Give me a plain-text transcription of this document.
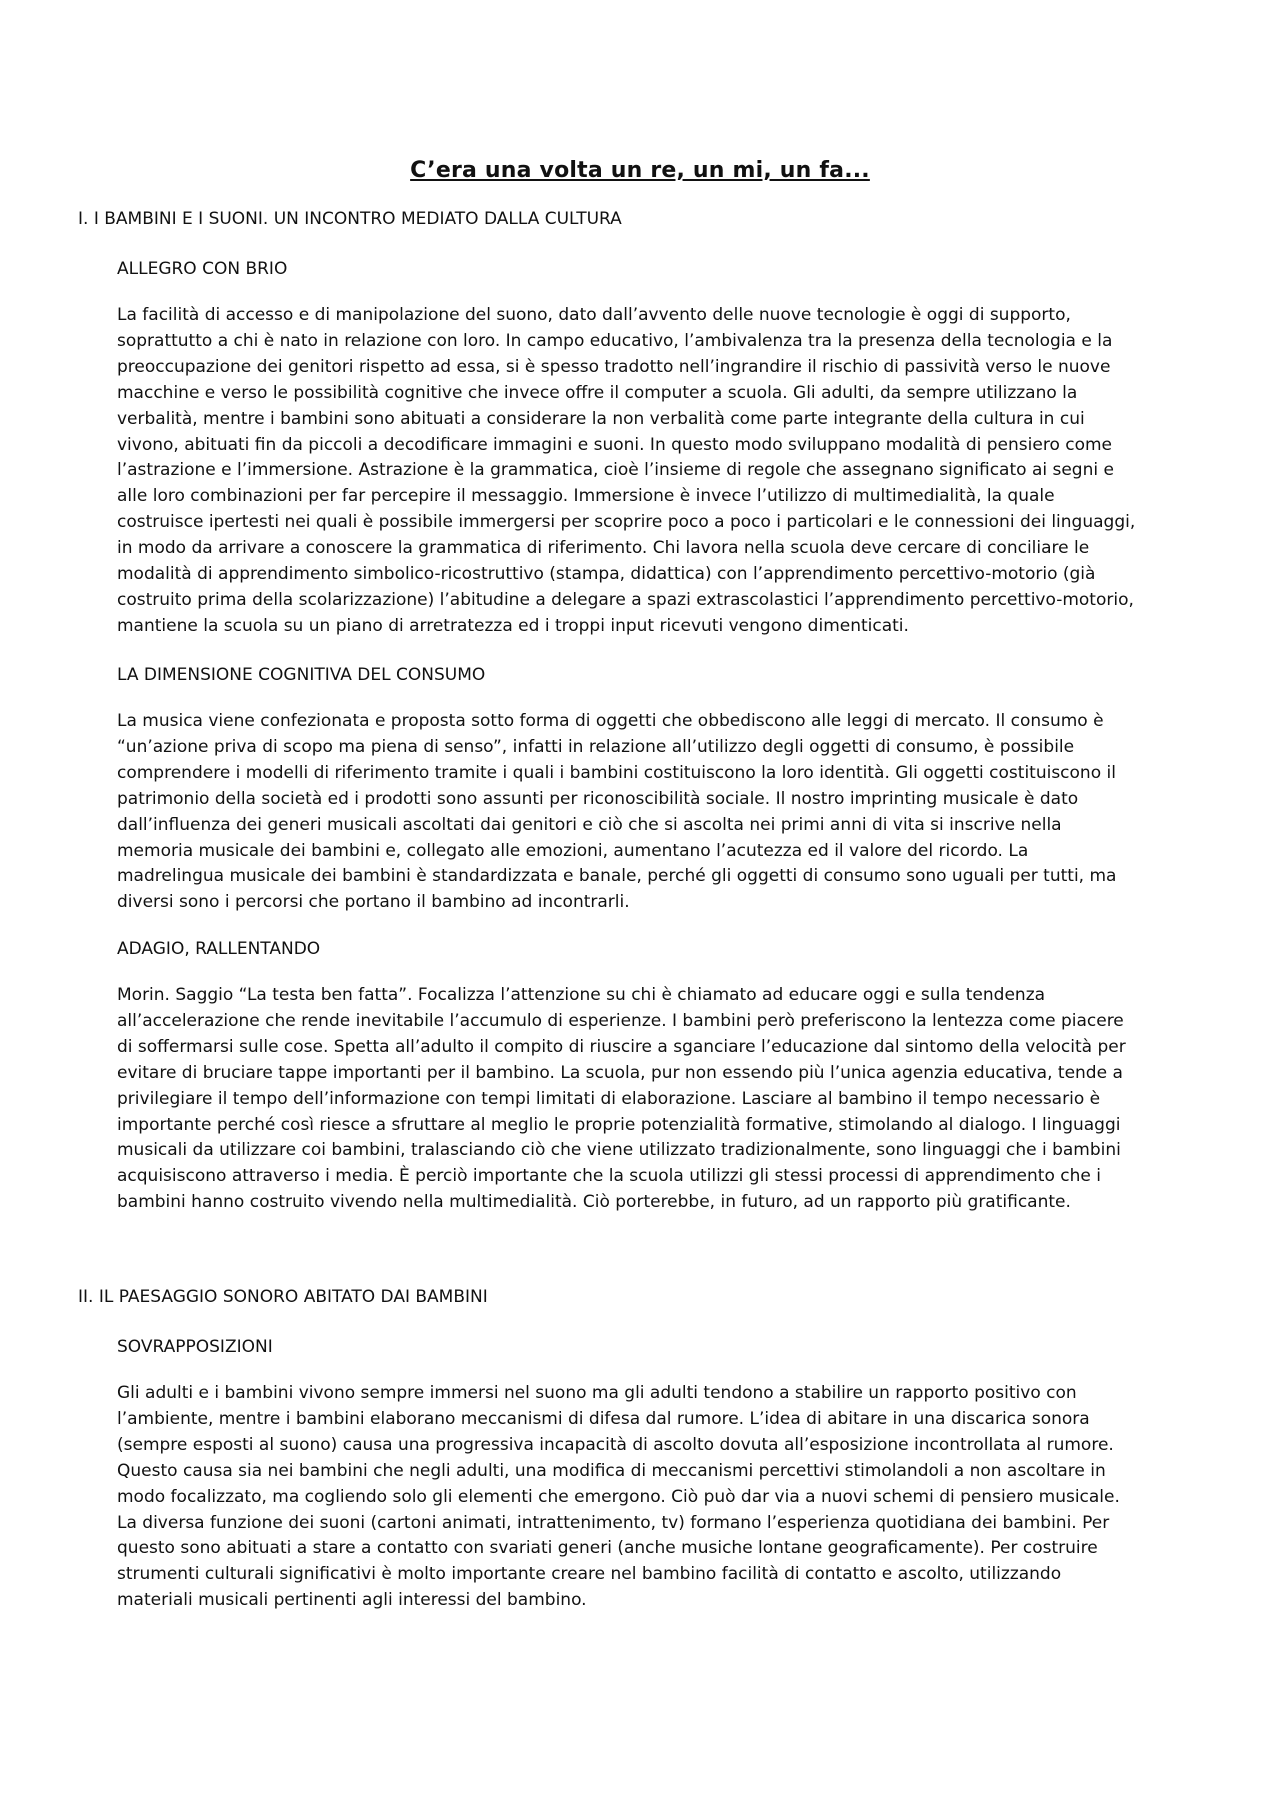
C’era una volta un re, un mi, un fa...
I. I BAMBINI E I SUONI. UN INCONTRO MEDIATO DALLA CULTURA
ALLEGRO CON BRIO
La facilità di accesso e di manipolazione del suono, dato dall’avvento delle nuove tecnologie è oggi di supporto, soprattutto a chi è nato in relazione con loro. In campo educativo, l’ambivalenza tra la presenza della tecnologia e la preoccupazione dei genitori rispetto ad essa, si è spesso tradotto nell’ingrandire il rischio di passività verso le nuove macchine e verso le possibilità cognitive che invece offre il computer a scuola. Gli adulti, da sempre utilizzano la verbalità, mentre i bambini sono abituati a considerare la non verbalità come parte integrante della cultura in cui vivono, abituati fin da piccoli a decodificare immagini e suoni. In questo modo sviluppano modalità di pensiero come l’astrazione e l’immersione. Astrazione è la grammatica, cioè l’insieme di regole che assegnano significato ai segni e alle loro combinazioni per far percepire il messaggio. Immersione è invece l’utilizzo di multimedialità, la quale costruisce ipertesti nei quali è possibile immergersi per scoprire poco a poco i particolari e le connessioni dei linguaggi, in modo da arrivare a conoscere la grammatica di riferimento. Chi lavora nella scuola deve cercare di conciliare le modalità di apprendimento simbolico-ricostruttivo (stampa, didattica) con l’apprendimento percettivo-motorio (già costruito prima della scolarizzazione) l’abitudine a delegare a spazi extrascolastici l’apprendimento percettivo-motorio, mantiene la scuola su un piano di arretratezza ed i troppi input ricevuti vengono dimenticati.
LA DIMENSIONE COGNITIVA DEL CONSUMO
La musica viene confezionata e proposta sotto forma di oggetti che obbediscono alle leggi di mercato. Il consumo è “un’azione priva di scopo ma piena di senso”, infatti in relazione all’utilizzo degli oggetti di consumo, è possibile comprendere i modelli di riferimento tramite i quali i bambini costituiscono la loro identità. Gli oggetti costituiscono il patrimonio della società ed i prodotti sono assunti per riconoscibilità sociale. Il nostro imprinting musicale è dato dall’influenza dei generi musicali ascoltati dai genitori e ciò che si ascolta nei primi anni di vita si inscrive nella memoria musicale dei bambini e, collegato alle emozioni, aumentano l’acutezza ed il valore del ricordo. La madrelingua musicale dei bambini è standardizzata e banale, perché gli oggetti di consumo sono uguali per tutti, ma diversi sono i percorsi che portano il bambino ad incontrarli.
ADAGIO, RALLENTANDO
Morin. Saggio “La testa ben fatta”. Focalizza l’attenzione su chi è chiamato ad educare oggi e sulla tendenza all’accelerazione che rende inevitabile l’accumulo di esperienze. I bambini però preferiscono la lentezza come piacere di soffermarsi sulle cose. Spetta all’adulto il compito di riuscire a sganciare l’educazione dal sintomo della velocità per evitare di bruciare tappe importanti per il bambino. La scuola, pur non essendo più l’unica agenzia educativa, tende a privilegiare il tempo dell’informazione con tempi limitati di elaborazione. Lasciare al bambino il tempo necessario è importante perché così riesce a sfruttare al meglio le proprie potenzialità formative, stimolando al dialogo. I linguaggi musicali da utilizzare coi bambini, tralasciando ciò che viene utilizzato tradizionalmente, sono linguaggi che i bambini acquisiscono attraverso i media. È perciò importante che la scuola utilizzi gli stessi processi di apprendimento che i bambini hanno costruito vivendo nella multimedialità. Ciò porterebbe, in futuro, ad un rapporto più gratificante.
II. IL PAESAGGIO SONORO ABITATO DAI BAMBINI
SOVRAPPOSIZIONI
Gli adulti e i bambini vivono sempre immersi nel suono ma gli adulti tendono a stabilire un rapporto positivo con l’ambiente, mentre i bambini elaborano meccanismi di difesa dal rumore. L’idea di abitare in una discarica sonora (sempre esposti al suono) causa una progressiva incapacità di ascolto dovuta all’esposizione incontrollata al rumore. Questo causa sia nei bambini che negli adulti, una modifica di meccanismi percettivi stimolandoli a non ascoltare in modo focalizzato, ma cogliendo solo gli elementi che emergono. Ciò può dar via a nuovi schemi di pensiero musicale. La diversa funzione dei suoni (cartoni animati, intrattenimento, tv) formano l’esperienza quotidiana dei bambini. Per questo sono abituati a stare a contatto con svariati generi (anche musiche lontane geograficamente). Per costruire strumenti culturali significativi è molto importante creare nel bambino facilità di contatto e ascolto, utilizzando materiali musicali pertinenti agli interessi del bambino.
